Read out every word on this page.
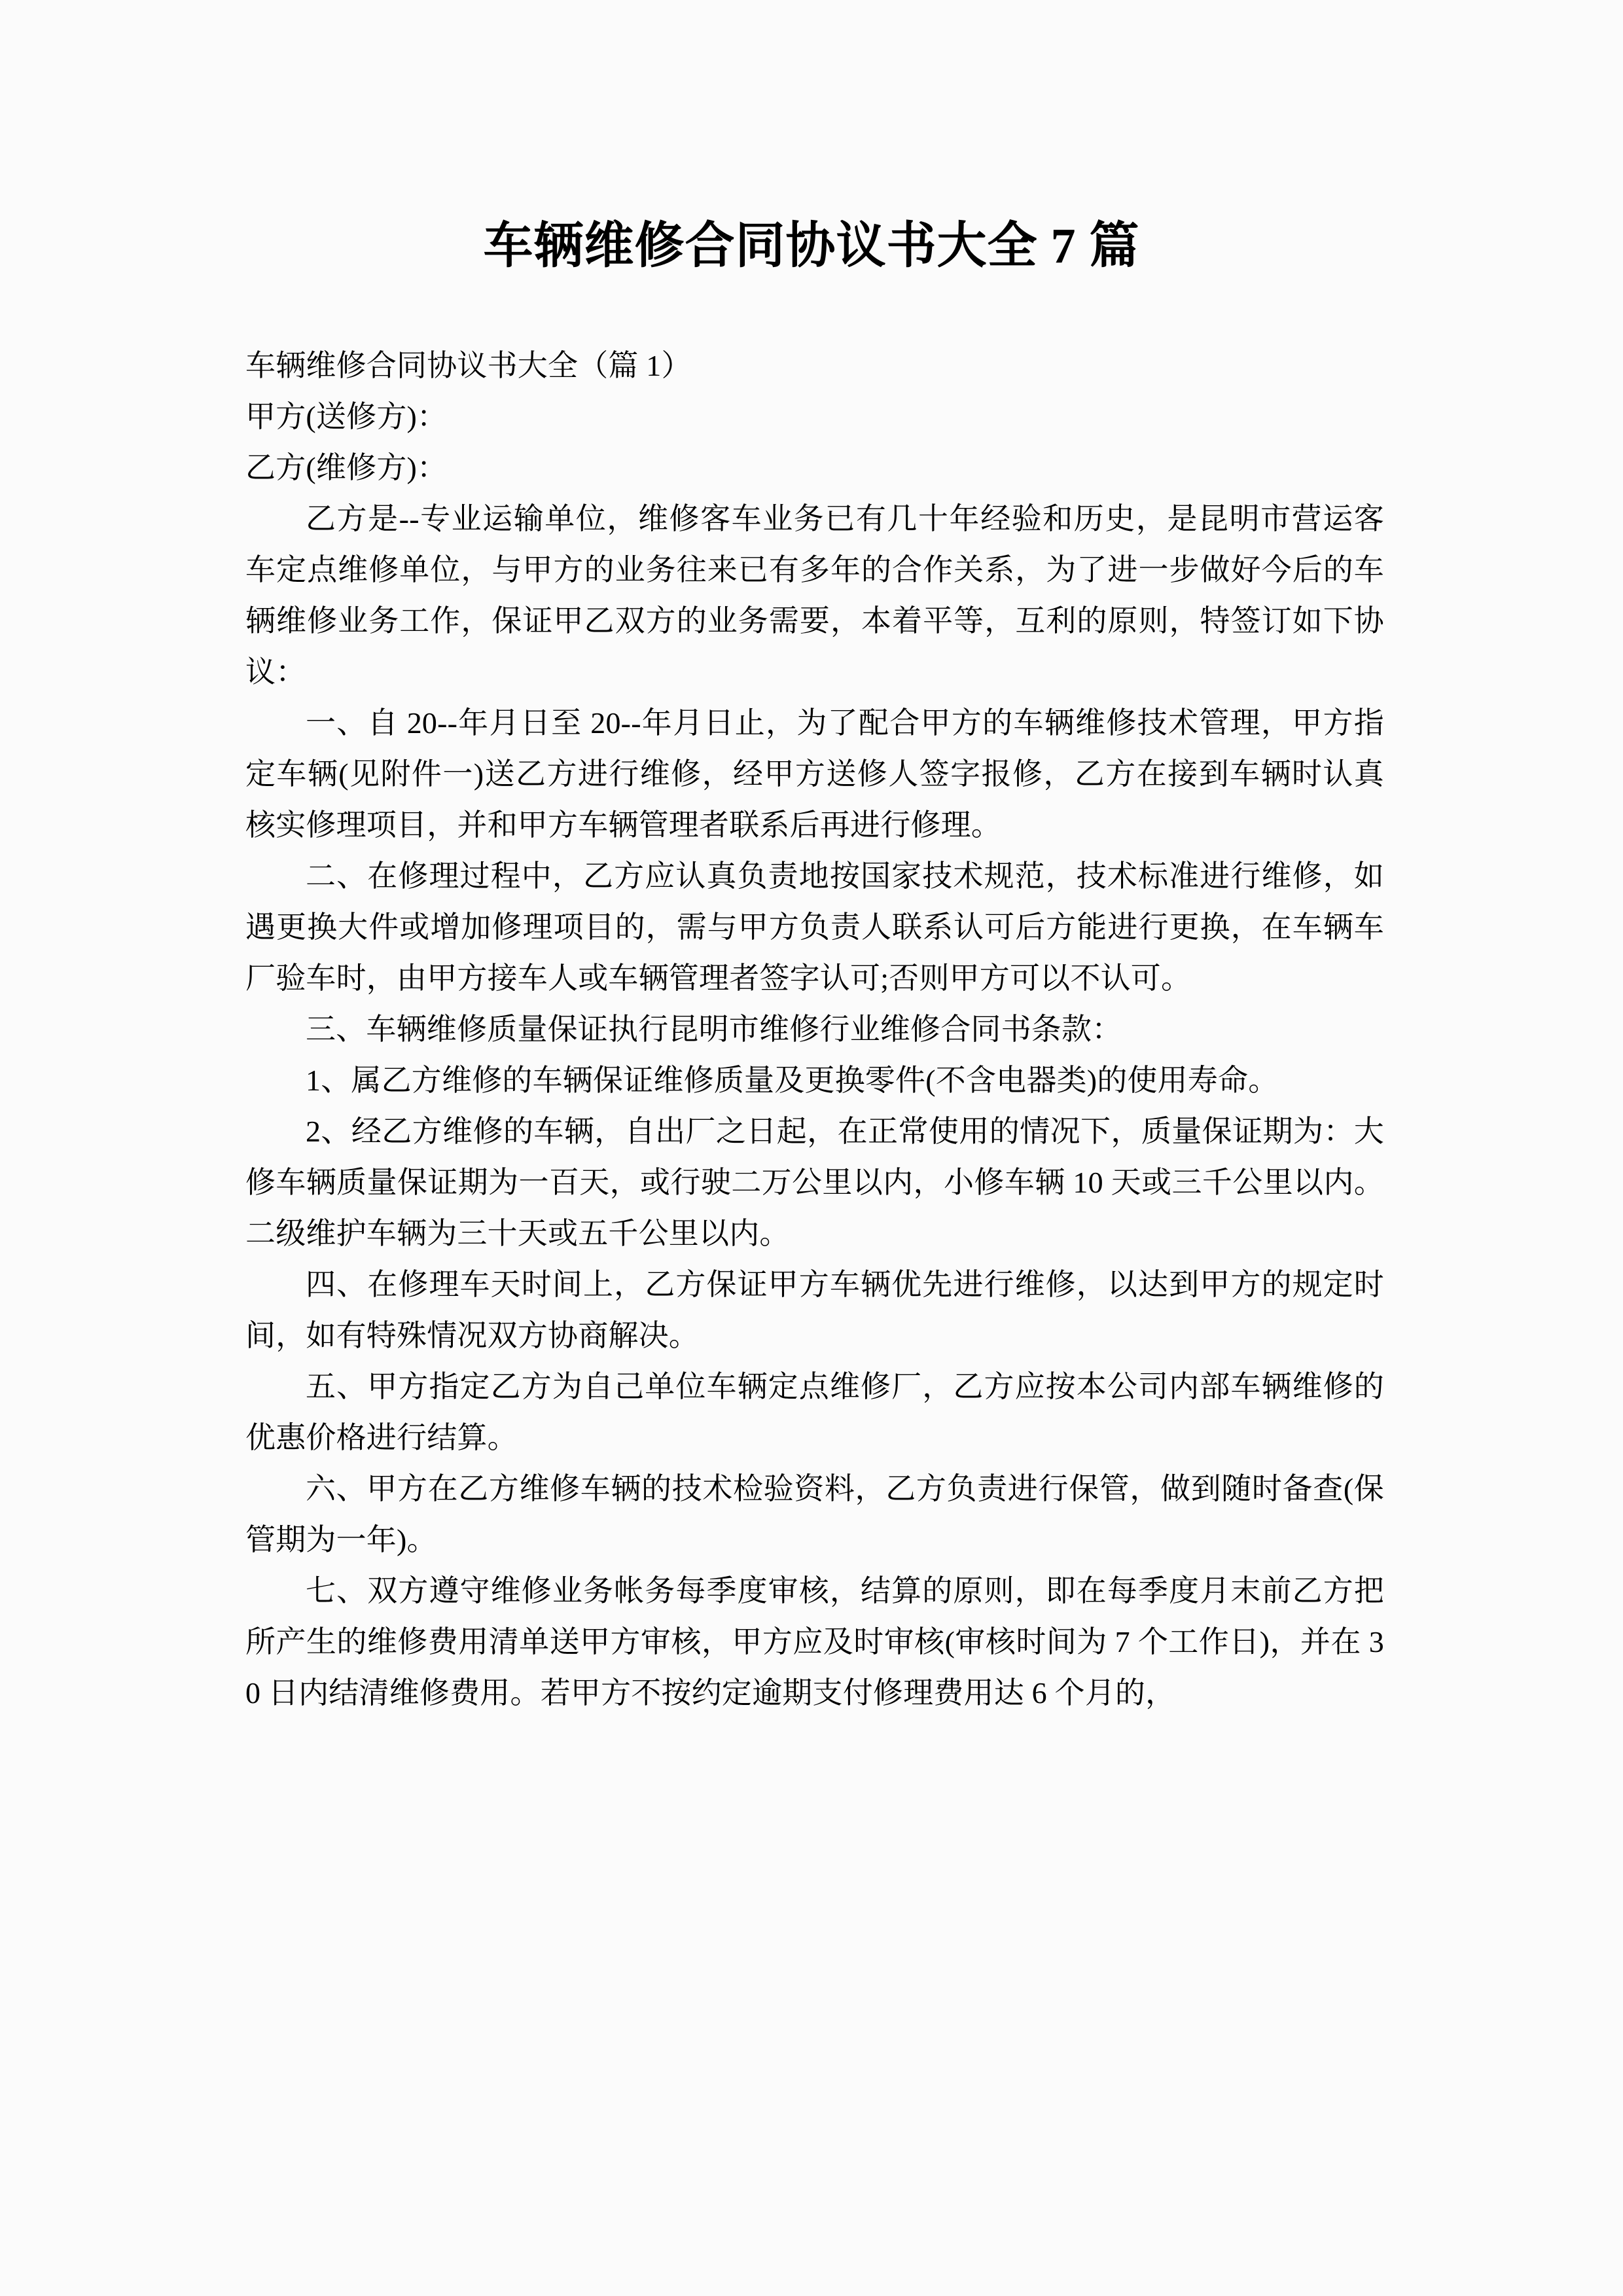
车辆维修合同协议书大全 7 篇

车辆维修合同协议书大全（篇 1）

甲方(送修方)：

乙方(维修方)：

乙方是--专业运输单位，维修客车业务已有几十年经验和历史，是昆明市营运客车定点维修单位，与甲方的业务往来已有多年的合作关系，为了进一步做好今后的车辆维修业务工作，保证甲乙双方的业务需要，本着平等，互利的原则，特签订如下协议：

一、自 20--年月日至 20--年月日止，为了配合甲方的车辆维修技术管理，甲方指定车辆(见附件一)送乙方进行维修，经甲方送修人签字报修，乙方在接到车辆时认真核实修理项目，并和甲方车辆管理者联系后再进行修理。

二、在修理过程中，乙方应认真负责地按国家技术规范，技术标准进行维修，如遇更换大件或增加修理项目的，需与甲方负责人联系认可后方能进行更换，在车辆车厂验车时，由甲方接车人或车辆管理者签字认可;否则甲方可以不认可。

三、车辆维修质量保证执行昆明市维修行业维修合同书条款：

1、属乙方维修的车辆保证维修质量及更换零件(不含电器类)的使用寿命。

2、经乙方维修的车辆，自出厂之日起，在正常使用的情况下，质量保证期为：大修车辆质量保证期为一百天，或行驶二万公里以内，小修车辆 10 天或三千公里以内。二级维护车辆为三十天或五千公里以内。

四、在修理车天时间上，乙方保证甲方车辆优先进行维修，以达到甲方的规定时间，如有特殊情况双方协商解决。

五、甲方指定乙方为自己单位车辆定点维修厂，乙方应按本公司内部车辆维修的优惠价格进行结算。

六、甲方在乙方维修车辆的技术检验资料，乙方负责进行保管，做到随时备查(保管期为一年)。

七、双方遵守维修业务帐务每季度审核，结算的原则，即在每季度月末前乙方把所产生的维修费用清单送甲方审核，甲方应及时审核(审核时间为 7 个工作日)，并在 30 日内结清维修费用。若甲方不按约定逾期支付修理费用达 6 个月的，
